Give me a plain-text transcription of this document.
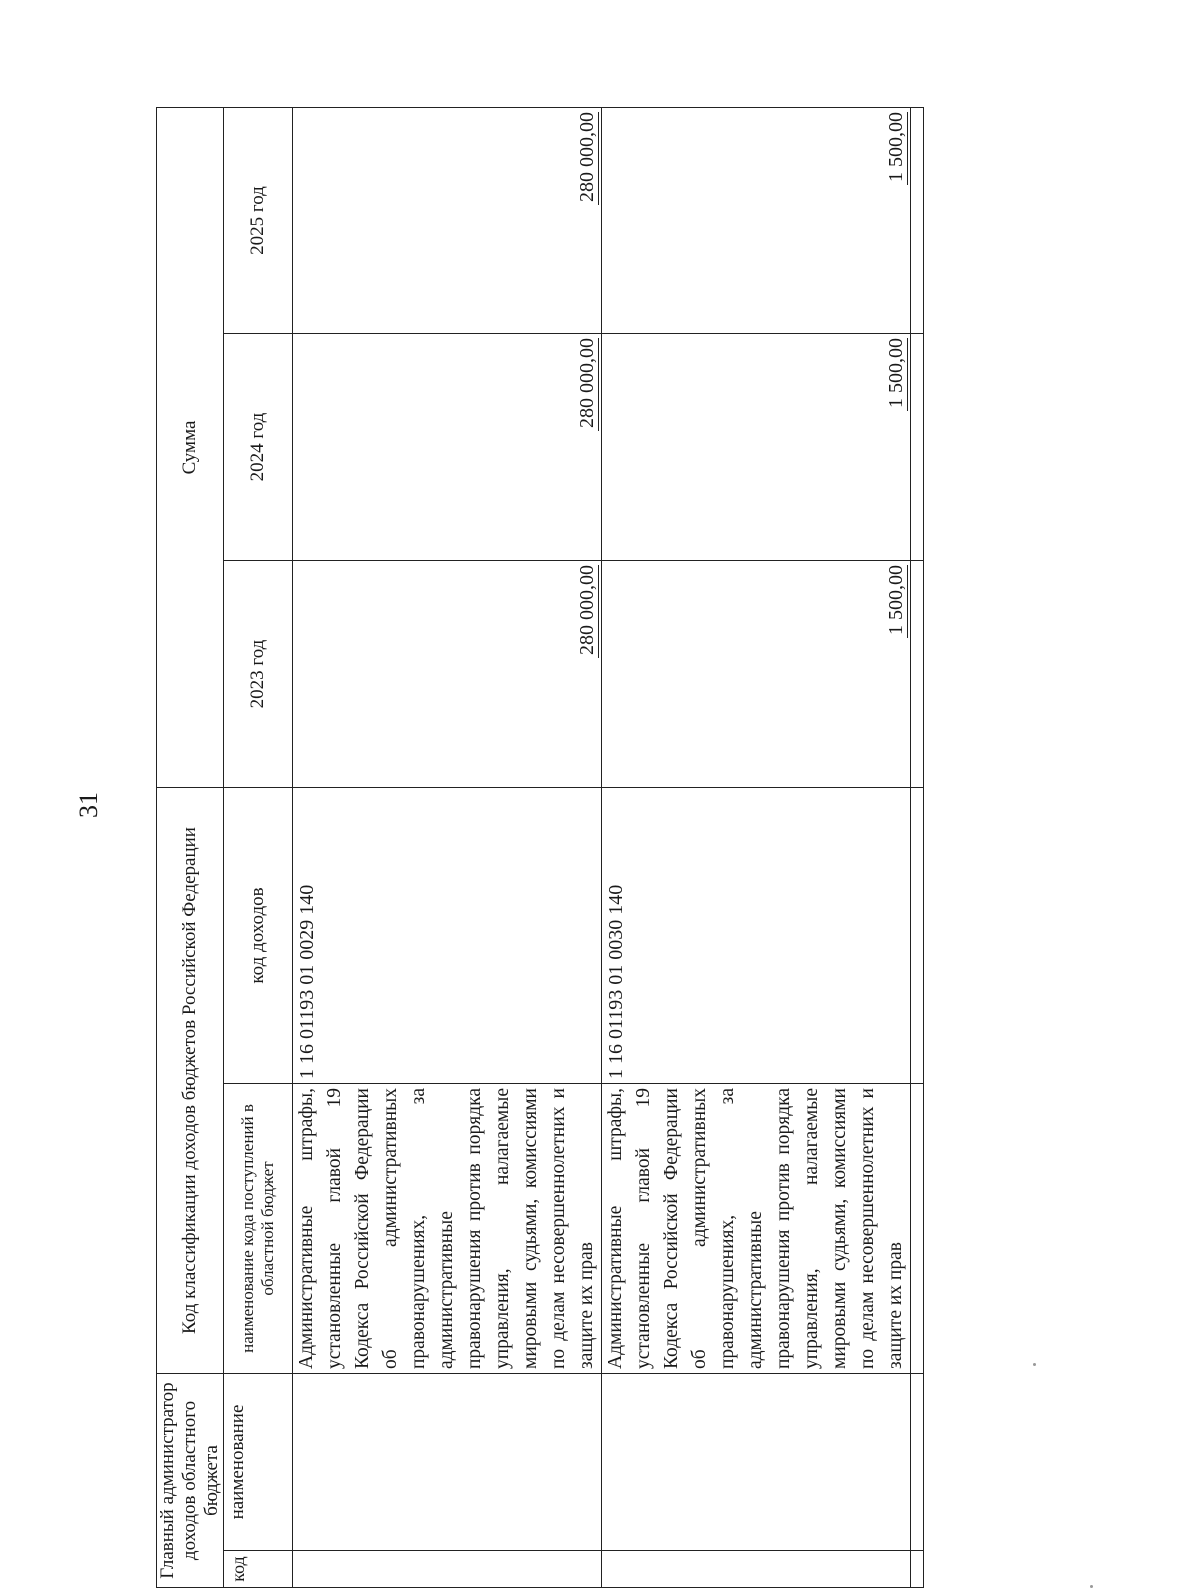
31
Главный администратор доходов областного бюджета		Код классификации доходов бюджетов Российской Федерации		Сумма		
код	наименование	наименование кода поступлений в областной бюджет	код доходов	2023 год	2024 год	2025 год
		Административные штрафы, установленные главой 19 Кодекса Российской Федерации об административных правонарушениях, за административные правонарушения против порядка управления, налагаемые мировыми судьями, комиссиями по делам несовершеннолетних и защите их прав	1 16 01193 01 0029 140	280 000,00	280 000,00	280 000,00
		Административные штрафы, установленные главой 19 Кодекса Российской Федерации об административных правонарушениях, за административные правонарушения против порядка управления, налагаемые мировыми судьями, комиссиями по делам несовершеннолетних и защите их прав	1 16 01193 01 0030 140	1 500,00	1 500,00	1 500,00
